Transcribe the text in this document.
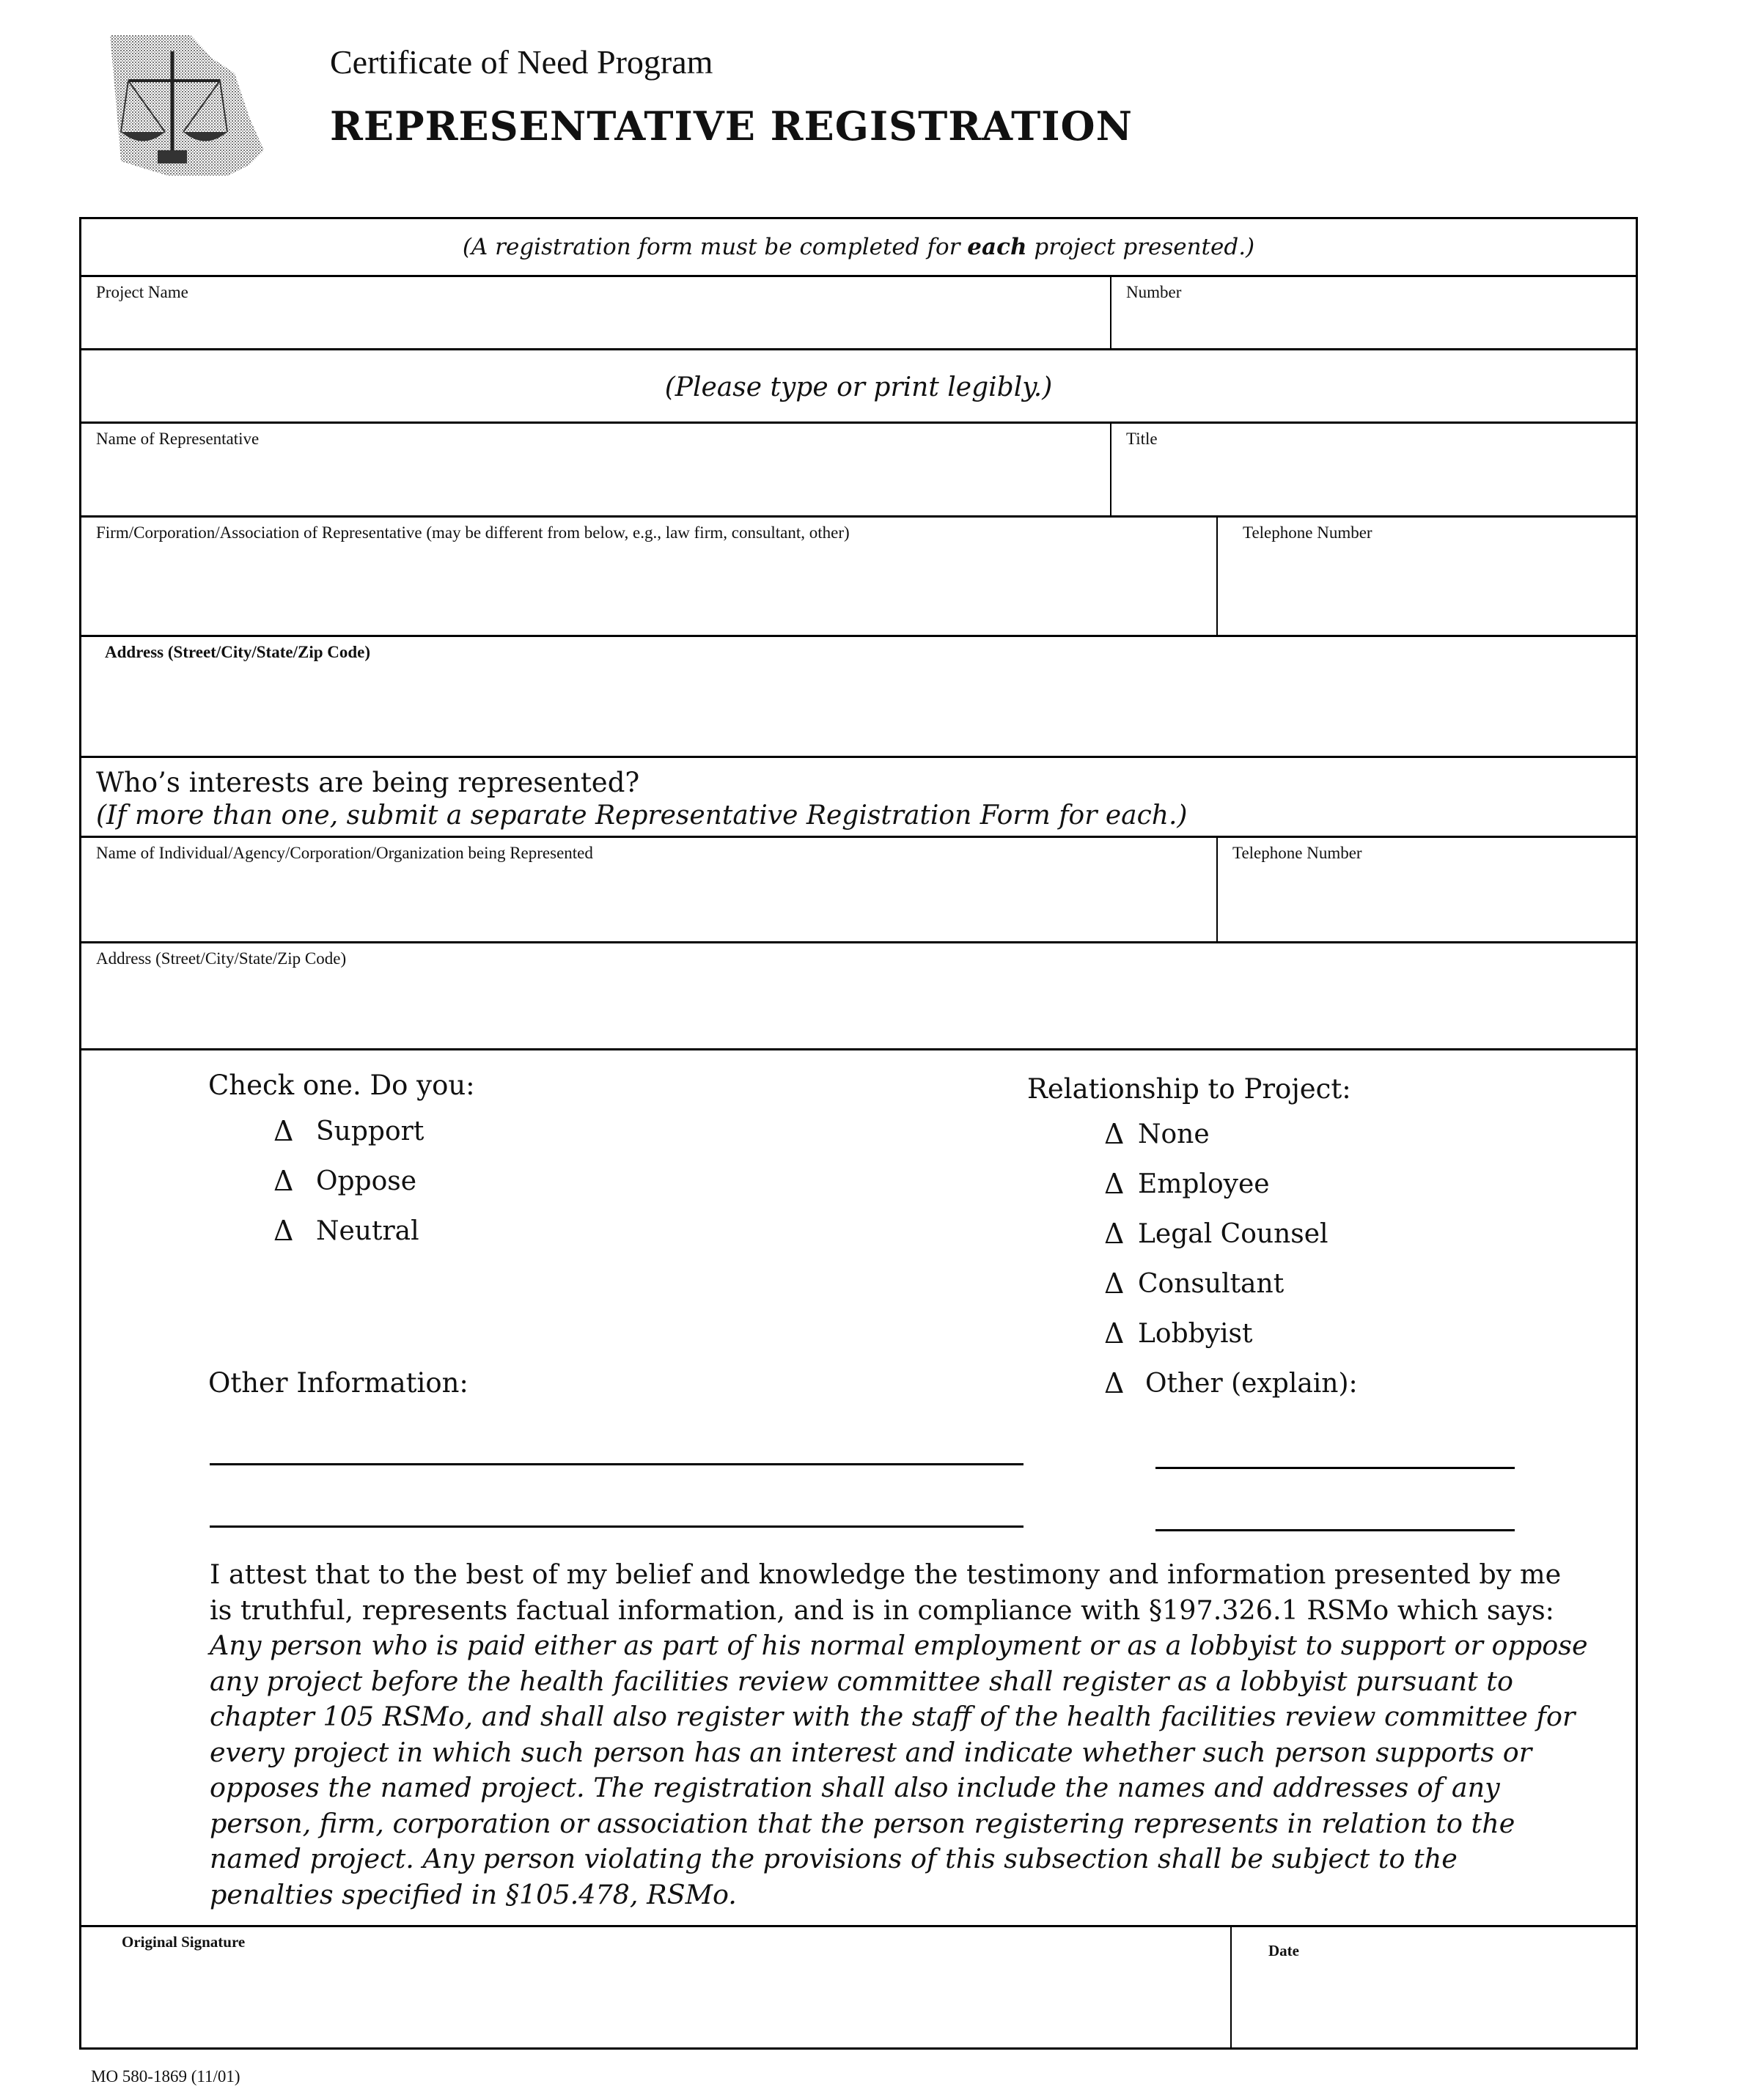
Certificate of Need Program
REPRESENTATIVE REGISTRATION
(A registration form must be completed for each project presented.)
Project Name	Number
(Please type or print legibly.)
Name of Representative	Title
Firm/Corporation/Association of Representative (may be different from below, e.g., law firm, consultant, other)	Telephone Number
Address (Street/City/State/Zip Code)
Who’s interests are being represented?
(If more than one, submit a separate Representative Registration Form for each.)
Name of Individual/Agency/Corporation/Organization being Represented	Telephone Number
Address (Street/City/State/Zip Code)
Check one. Do you:
Δ Support
Δ Oppose
Δ Neutral
Relationship to Project:
Δ None
Δ Employee
Δ Legal Counsel
Δ Consultant
Δ Lobbyist
Δ Other (explain):
Other Information:
I attest that to the best of my belief and knowledge the testimony and information presented by me is truthful, represents factual information, and is in compliance with §197.326.1 RSMo which says: Any person who is paid either as part of his normal employment or as a lobbyist to support or oppose any project before the health facilities review committee shall register as a lobbyist pursuant to chapter 105 RSMo, and shall also register with the staff of the health facilities review committee for every project in which such person has an interest and indicate whether such person supports or opposes the named project. The registration shall also include the names and addresses of any person, firm, corporation or association that the person registering represents in relation to the named project. Any person violating the provisions of this subsection shall be subject to the penalties specified in §105.478, RSMo.
Original Signature	Date
MO 580-1869 (11/01)
